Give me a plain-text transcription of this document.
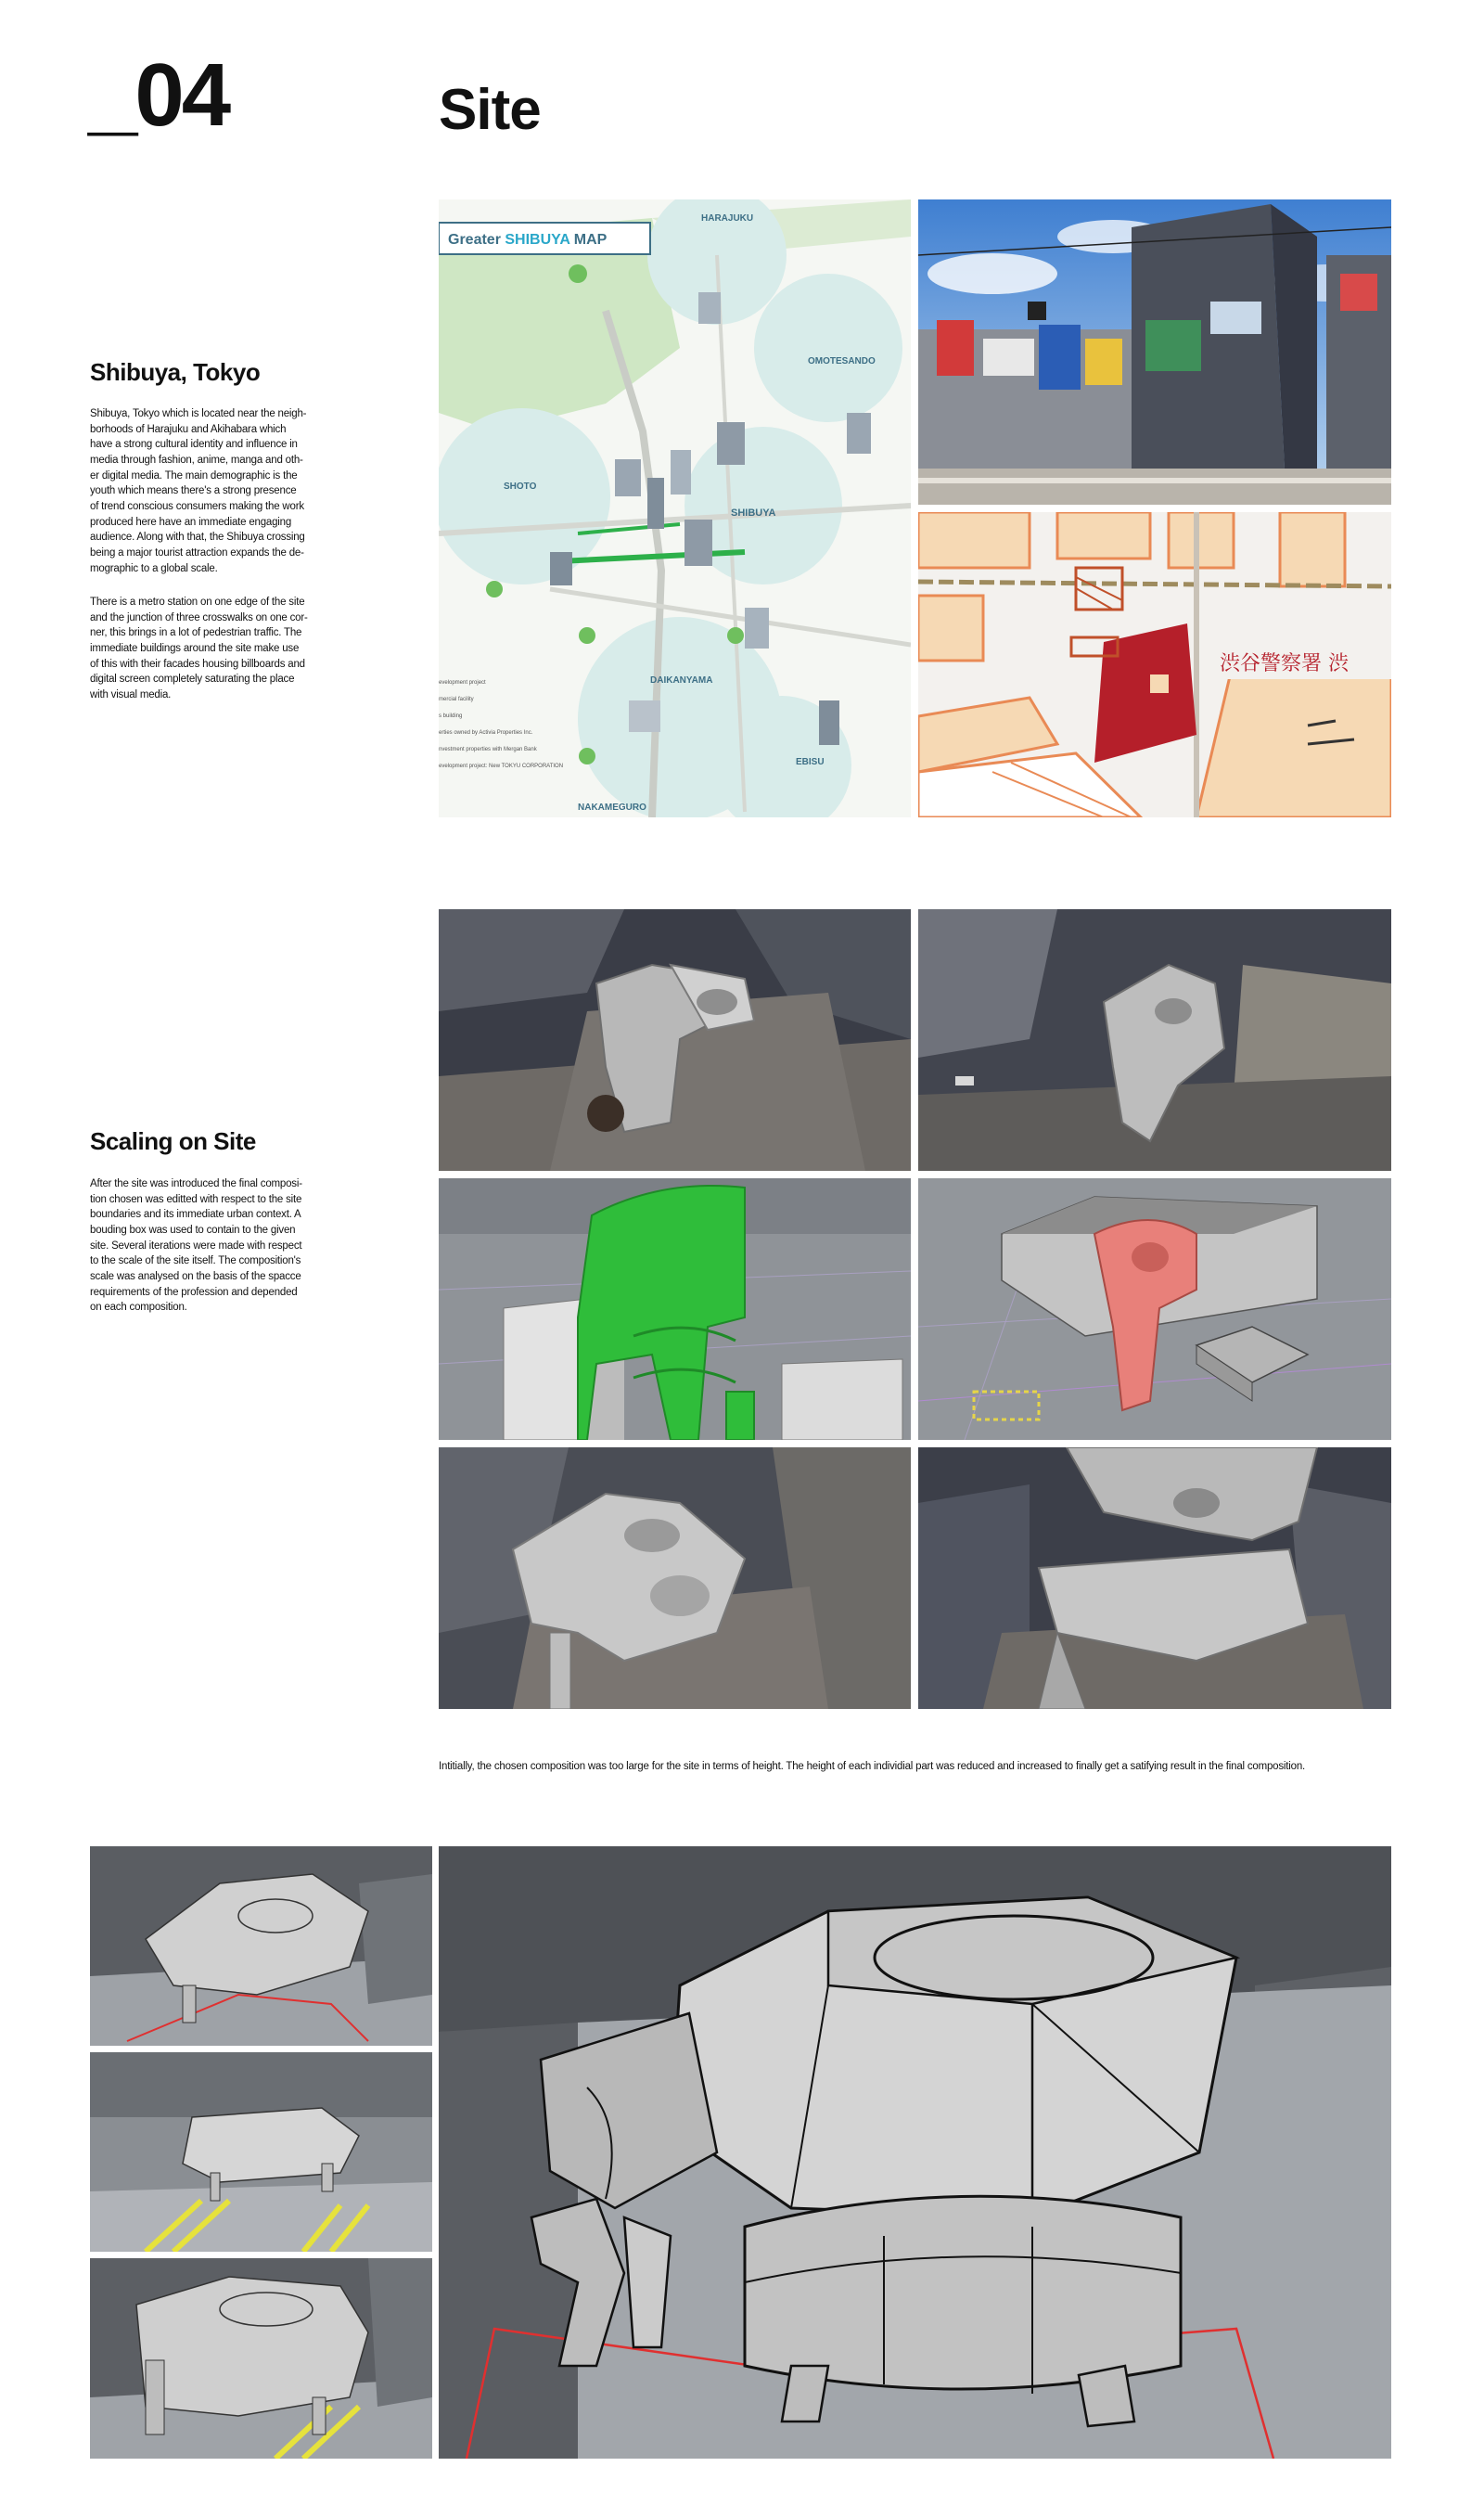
_04	Site
Shibuya, Tokyo
Shibuya, Tokyo which is located near the neigh-
borhoods of Harajuku and Akihabara which
have a strong cultural identity and influence in
media through fashion, anime, manga and oth-
er digital media. The main demographic is the
youth which means there's a strong presence
of trend conscious consumers making the work
produced here have an immediate engaging
audience. Along with that, the Shibuya crossing
being a major tourist attraction expands the de-
mographic to a global scale.
There is a metro station on one edge of the site
and the junction of three crosswalks on one cor-
ner, this brings in a lot of pedestrian traffic. The
immediate buildings around the site make use
of this with their facades housing billboards and
digital screen completely saturating the place
with visual media.
Scaling on Site
After the site was introduced the final composi-
tion chosen was editted with respect to the site
boundaries and its immediate urban context. A
bouding box was used to contain to the given
site. Several iterations were made with respect
to the scale of the site itself. The composition's
scale was analysed on the basis of the spacce
requirements of the profession and depended
on each composition.
Greater SHIBUYA MAP
HARAJUKU
OMOTESANDO
SHOTO
SHIBUYA
DAIKANYAMA
EBISU
NAKAMEGURO
evelopment project
mercial facility
s building
erties owned by Activia Properties Inc.
nvestment properties with Mergan Bank
evelopment project: New TOKYU CORPORATION
渋谷警察署 渋
Intitially, the chosen composition was too large for the site in terms of height. The height of each individial part was reduced and increased to finally get a satifying result in the final composition.
